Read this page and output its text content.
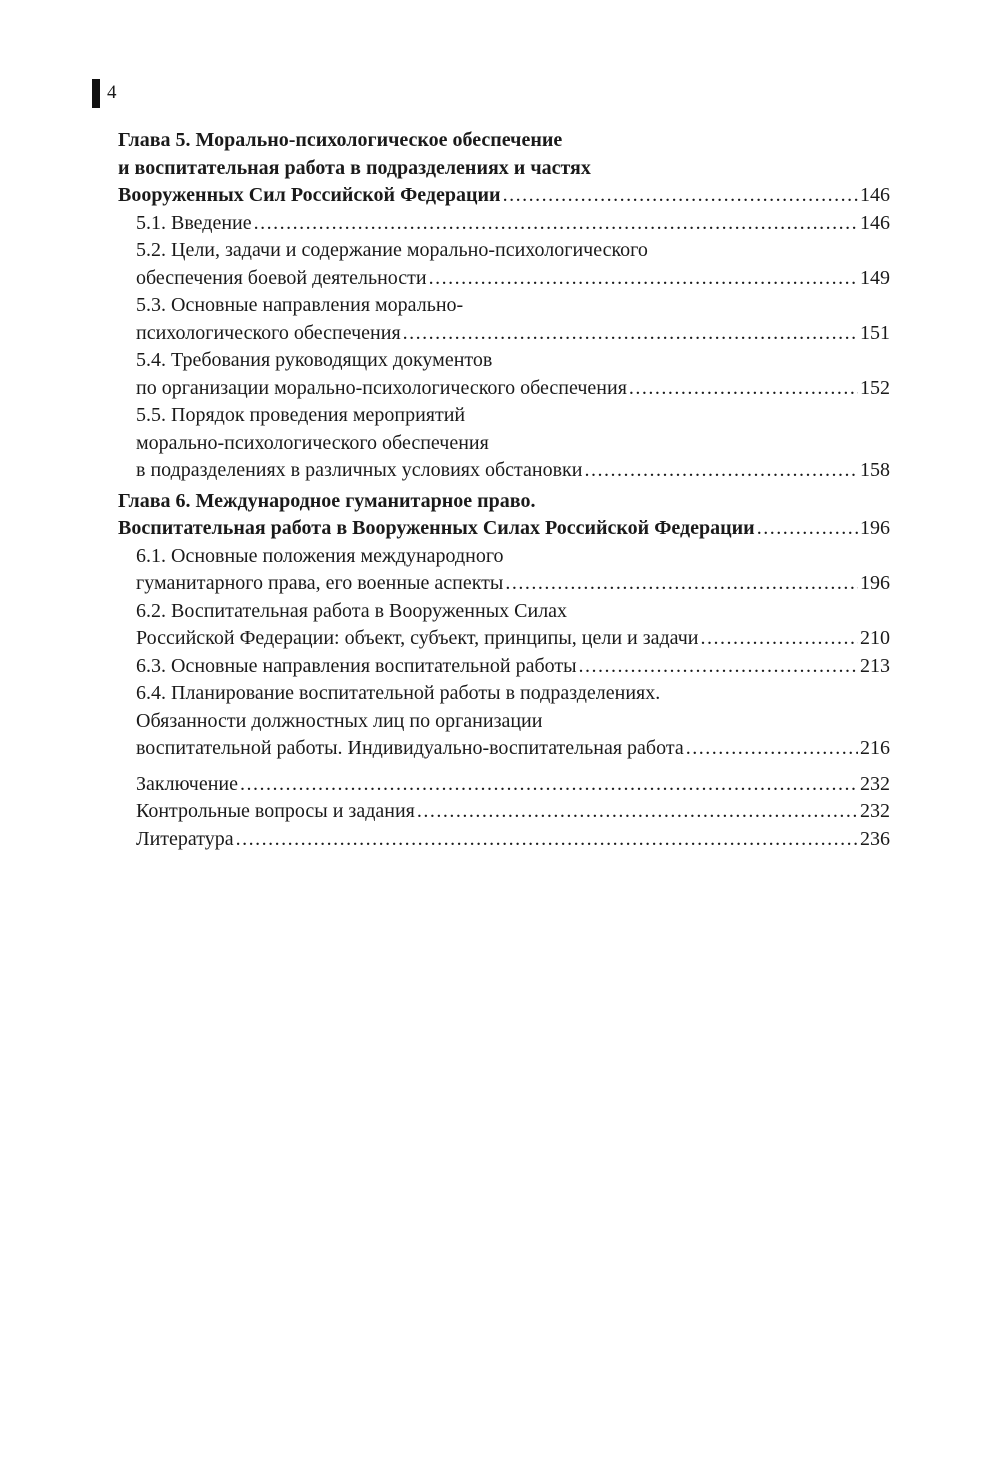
4
Глава 5. Морально-психологическое обеспечение
и воспитательная работа в подразделениях и частях
Вооруженных Сил Российской Федерации .....	146
5.1. Введение .....	146
5.2. Цели, задачи и содержание морально-психологического
обеспечения боевой деятельности .....	149
5.3. Основные направления морально-
психологического обеспечения .....	151
5.4. Требования руководящих документов
по организации морально-психологического обеспечения .....	152
5.5. Порядок проведения мероприятий
морально-психологического обеспечения
в подразделениях в различных условиях обстановки .....	158
Глава 6. Международное гуманитарное право.
Воспитательная работа в Вооруженных Силах Российской Федерации .....	196
6.1. Основные положения международного
гуманитарного права, его военные аспекты .....	196
6.2. Воспитательная работа в Вооруженных Силах
Российской Федерации: объект, субъект, принципы, цели и задачи .....	210
6.3. Основные направления воспитательной работы .....	213
6.4. Планирование воспитательной работы в подразделениях.
Обязанности должностных лиц по организации
воспитательной работы. Индивидуально-воспитательная работа .....	216
Заключение .....	232
Контрольные вопросы и задания .....	232
Литература .....	236
